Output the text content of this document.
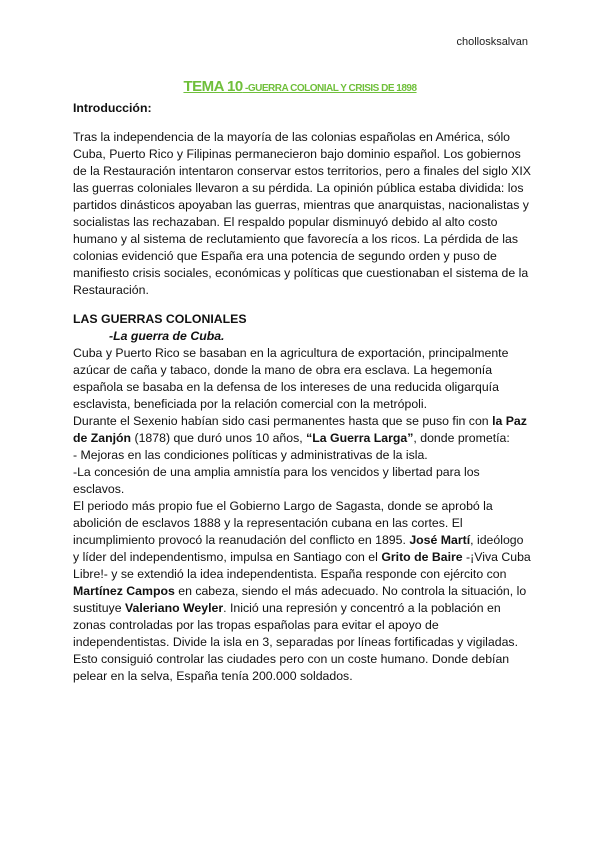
chollosksalvan
TEMA 10 -GUERRA COLONIAL Y CRISIS DE 1898

Introducción:

Tras la independencia de la mayoría de las colonias españolas en América, sólo Cuba, Puerto Rico y Filipinas permanecieron bajo dominio español. Los gobiernos de la Restauración intentaron conservar estos territorios, pero a finales del siglo XIX las guerras coloniales llevaron a su pérdida. La opinión pública estaba dividida: los partidos dinásticos apoyaban las guerras, mientras que anarquistas, nacionalistas y socialistas las rechazaban. El respaldo popular disminuyó debido al alto costo humano y al sistema de reclutamiento que favorecía a los ricos. La pérdida de las colonias evidenció que España era una potencia de segundo orden y puso de manifiesto crisis sociales, económicas y políticas que cuestionaban el sistema de la Restauración.

LAS GUERRAS COLONIALES

-La guerra de Cuba.

Cuba y Puerto Rico se basaban en la agricultura de exportación, principalmente azúcar de caña y tabaco, donde la mano de obra era esclava. La hegemonía española se basaba en la defensa de los intereses de una reducida oligarquía esclavista, beneficiada por la relación comercial con la metrópoli.

Durante el Sexenio habían sido casi permanentes hasta que se puso fin con la Paz de Zanjón (1878) que duró unos 10 años, “La Guerra Larga”, donde prometía:

- Mejoras en las condiciones políticas y administrativas de la isla.

-La concesión de una amplia amnistía para los vencidos y libertad para los esclavos.

El periodo más propio fue el Gobierno Largo de Sagasta, donde se aprobó la abolición de esclavos 1888 y la representación cubana en las cortes. El incumplimiento provocó la reanudación del conflicto en 1895. José Martí, ideólogo y líder del independentismo, impulsa en Santiago con el Grito de Baire -¡Viva Cuba Libre!- y se extendió la idea independentista. España responde con ejército con Martínez Campos en cabeza, siendo el más adecuado. No controla la situación, lo sustituye Valeriano Weyler. Inició una represión y concentró a la población en zonas controladas por las tropas españolas para evitar el apoyo de independentistas. Divide la isla en 3, separadas por líneas fortificadas y vigiladas. Esto consiguió controlar las ciudades pero con un coste humano. Donde debían pelear en la selva, España tenía 200.000 soldados.
